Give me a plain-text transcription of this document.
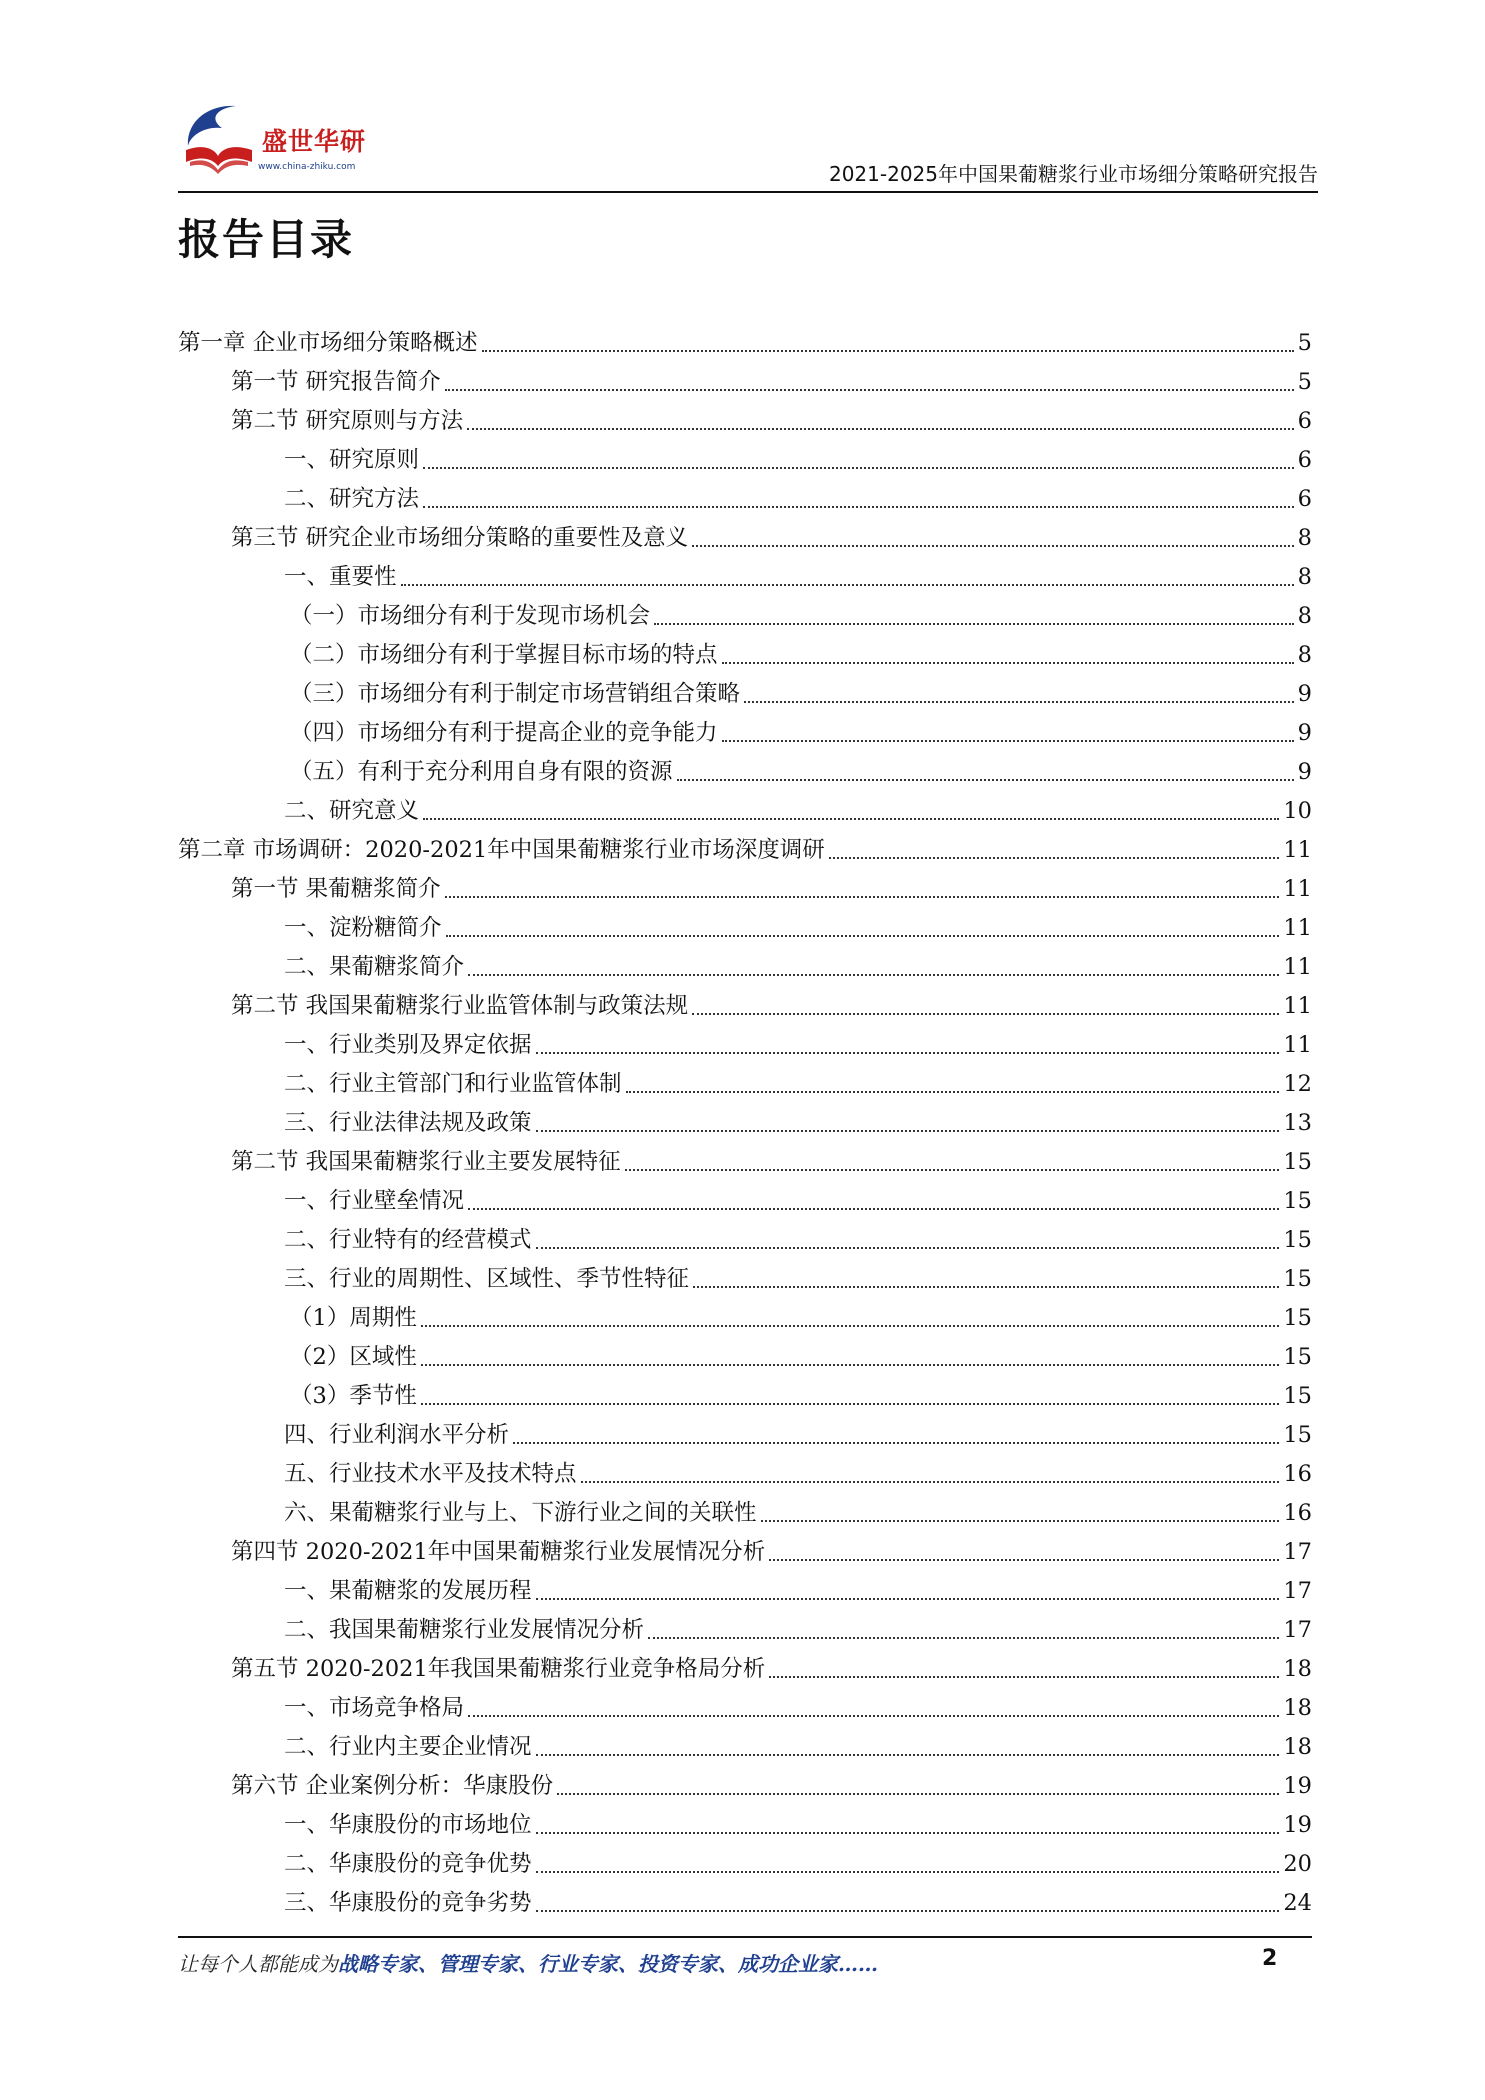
盛世华研
www.china-zhiku.com	2021-2025年中国果葡糖浆行业市场细分策略研究报告
报告目录
第一章 企业市场细分策略概述	5
第一节 研究报告简介	5
第二节 研究原则与方法	6
一、研究原则	6
二、研究方法	6
第三节 研究企业市场细分策略的重要性及意义	8
一、重要性	8
（一）市场细分有利于发现市场机会	8
（二）市场细分有利于掌握目标市场的特点	8
（三）市场细分有利于制定市场营销组合策略	9
（四）市场细分有利于提高企业的竞争能力	9
（五）有利于充分利用自身有限的资源	9
二、研究意义	10
第二章 市场调研：2020-2021年中国果葡糖浆行业市场深度调研	11
第一节 果葡糖浆简介	11
一、淀粉糖简介	11
二、果葡糖浆简介	11
第二节 我国果葡糖浆行业监管体制与政策法规	11
一、行业类别及界定依据	11
二、行业主管部门和行业监管体制	12
三、行业法律法规及政策	13
第二节 我国果葡糖浆行业主要发展特征	15
一、行业壁垒情况	15
二、行业特有的经营模式	15
三、行业的周期性、区域性、季节性特征	15
（1）周期性	15
（2）区域性	15
（3）季节性	15
四、行业利润水平分析	15
五、行业技术水平及技术特点	16
六、果葡糖浆行业与上、下游行业之间的关联性	16
第四节 2020-2021年中国果葡糖浆行业发展情况分析	17
一、果葡糖浆的发展历程	17
二、我国果葡糖浆行业发展情况分析	17
第五节 2020-2021年我国果葡糖浆行业竞争格局分析	18
一、市场竞争格局	18
二、行业内主要企业情况	18
第六节 企业案例分析：华康股份	19
一、华康股份的市场地位	19
二、华康股份的竞争优势	20
三、华康股份的竞争劣势	24
让每个人都能成为战略专家、管理专家、行业专家、投资专家、成功企业家……	2
